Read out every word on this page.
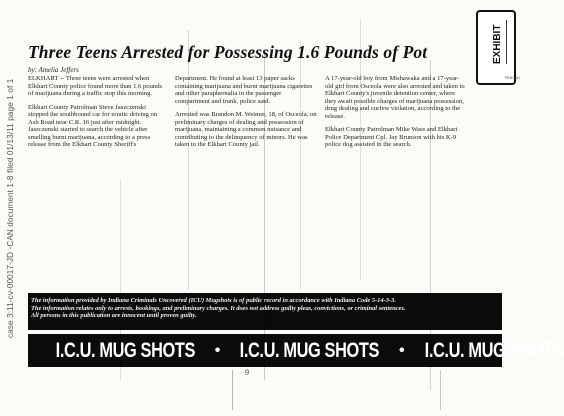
case 3:11-cv-00017-JD -CAN document 1-8 filed 01/13/11 page 1 of 1
EXHIBIT
PENGAD
Three Teens Arrested for Possessing 1.6 Pounds of Pot
by: Amelia Jeffers

ELKHART -- Three teens were arrested when Elkhart County police found more than 1.6 pounds of marijuana during a traffic stop this morning.

Elkhart County Patrolman Steve Jaszczenski stopped the southbound car for erratic driving on Ash Road near C.R. 16 just after midnight. Jaszczenski started to search the vehicle after smelling burnt marijuana, according to a press release from the Elkhart County Sheriff's

Department. He found at least 13 paper sacks containing marijuana and burnt marijuana cigarettes and other paraphernalia in the passenger compartment and trunk, police said.

Arrested was Brandon M. Weimer, 18, of Osceola, on preliminary charges of dealing and possession of marijuana, maintaining a common nuisance and contributing to the delinquency of minors. He was taken to the Elkhart County jail.

A 17-year-old boy from Mishawaka and a 17-year-old girl from Osceola were also arrested and taken to Elkhart County's juvenile detention center, where they await possible charges of marijuana possession, drug dealing and curfew violation, according to the release.

Elkhart County Patrolman Mike Wass and Elkhart Police Department Cpl. Jay Brunson with his K-9 police dog assisted in the search.

The information provided by Indiana Criminals Uncovered (ICU) Mugshots is of public record in accordance with Indiana Code 5-14-3-3.
The information relates only to arrests, bookings, and preliminary charges. It does not address guilty pleas, convictions, or criminal sentences.
All persons in this publication are innocent until proven guilty.
I.C.U. MUG SHOTS • I.C.U. MUG SHOTS • I.C.U. MUG SHOTS
9
